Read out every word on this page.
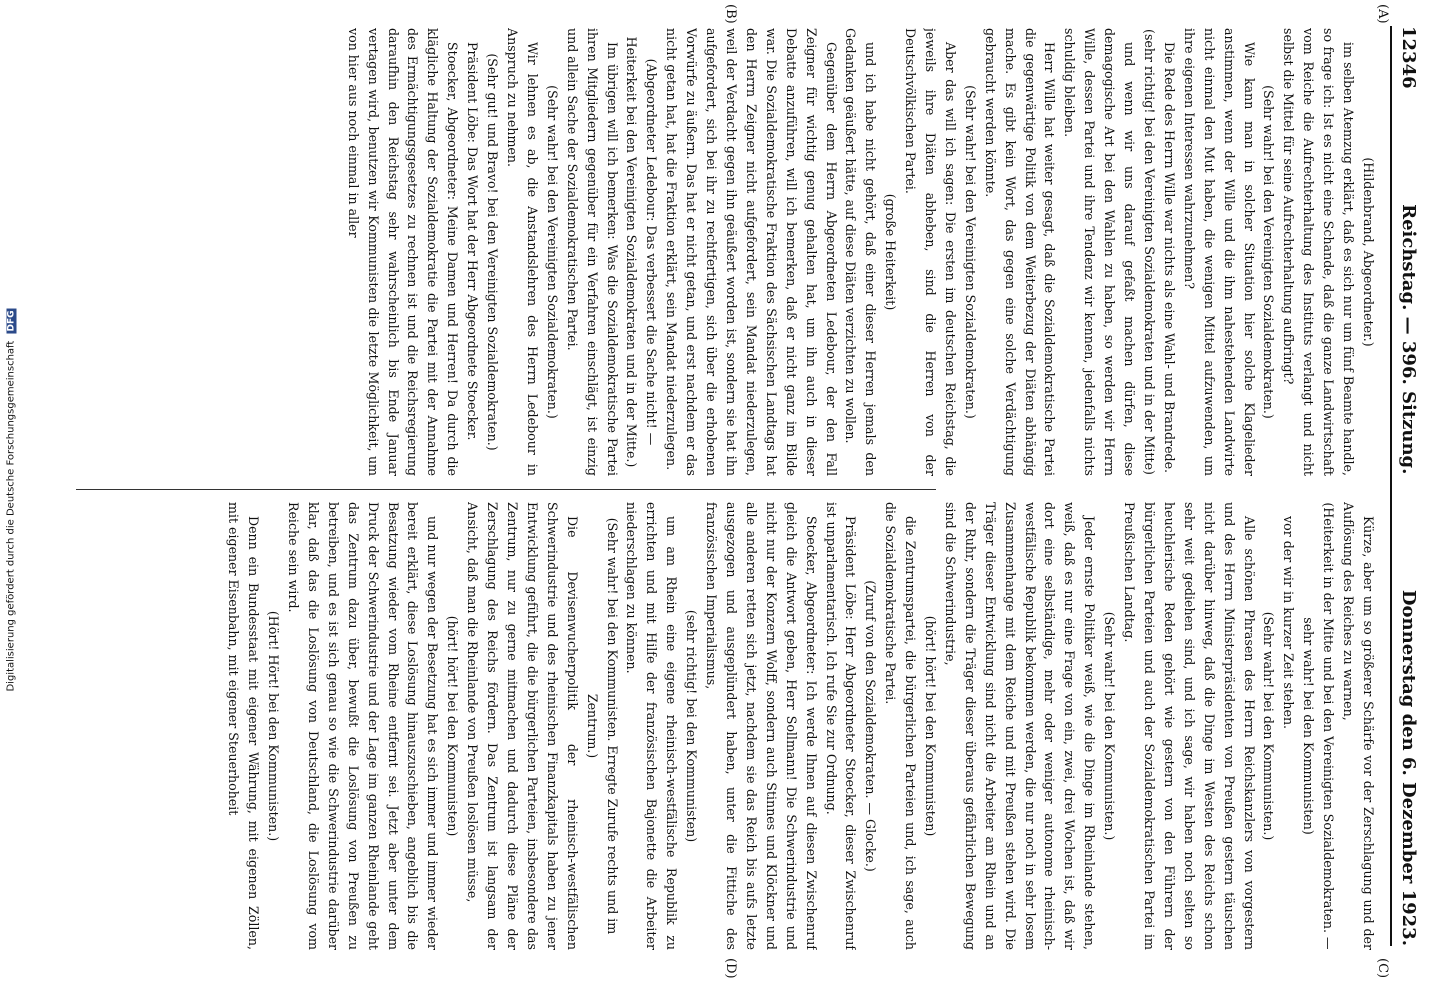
12346
Reichstag. — 396. Sitzung.
Donnerstag den 6. Dezember 1923.
(A)
(B)
(C)
(D)

(Hildenbrand, Abgeordneter.)

im selben Atemzug erklärt, daß es sich nur um fünf Beamte handle, so frage ich: Ist es nicht eine Schande, daß die ganze Landwirtschaft vom Reiche die Aufrechterhaltung des Instituts verlangt und nicht selbst die Mittel für seine Aufrechterhaltung aufbringt?

(Sehr wahr! bei den Vereinigten Sozialdemokraten.)

Wie kann man in solcher Situation hier solche Klagelieder anstimmen, wenn der Wille und die ihm nahestehenden Landwirte nicht einmal den Mut haben, die wenigen Mittel aufzuwenden, um ihre eigenen Interessen wahrzunehmen?

Die Rede des Herrn Wille war nichts als eine Wahl- und Brandrede.

(sehr richtig! bei den Vereinigten Sozialdemokraten und in der Mitte)

und wenn wir uns darauf gefaßt machen dürfen, diese demagogische Art bei den Wahlen zu haben, so werden wir Herrn Wille, dessen Partei und ihre Tendenz wir kennen, jedenfalls nichts schuldig bleiben.

Herr Wille hat weiter gesagt, daß die Sozialdemokratische Partei die gegenwärtige Politik von dem Weiterbezug der Diäten abhängig mache. Es gibt kein Wort, das gegen eine solche Verdächtigung gebraucht werden könnte.

(Sehr wahr! bei den Vereinigten Sozialdemokraten.)

Aber das will ich sagen: Die ersten im deutschen Reichstag, die jeweils ihre Diäten abheben, sind die Herren von der Deutschvölkischen Partei.

(große Heiterkeit)

und ich habe nicht gehört, daß einer dieser Herren jemals den Gedanken geäußert hätte, auf diese Diäten verzichten zu wollen.

Gegenüber dem Herrn Abgeordneten Ledebour, der den Fall Zeigner für wichtig genug gehalten hat, um ihn auch in dieser Debatte anzuführen, will ich bemerken, daß er nicht ganz im Bilde war. Die Sozialdemokratische Fraktion des Sächsischen Landtags hat den Herrn Zeigner nicht aufgefordert, sein Mandat niederzulegen, weil der Verdacht gegen ihn geäußert worden ist, sondern sie hat ihn aufgefordert, sich bei ihr zu rechtfertigen, sich über die erhobenen Vorwürfe zu äußern. Das hat er nicht getan, und erst nachdem er das nicht getan hat, hat die Fraktion erklärt, sein Mandat niederzulegen.

(Abgeordneter Ledebour: Das verbessert die Sache nicht! — Heiterkeit bei den Vereinigten Sozialdemokraten und in der Mitte.)

Im übrigen will ich bemerken: Was die Sozialdemokratische Partei ihren Mitgliedern gegenüber für ein Verfahren einschlägt, ist einzig und allein Sache der Sozialdemokratischen Partei.

(Sehr wahr! bei den Vereinigten Sozialdemokraten.)

Wir lehnen es ab, die Anstandslehren des Herrn Ledebour in Anspruch zu nehmen.

(Sehr gut! und Bravo! bei den Vereinigten Sozialdemokraten.)

Präsident Löbe: Das Wort hat der Herr Abgeordnete Stoecker.

Stoecker, Abgeordneter: Meine Damen und Herren! Da durch die klägliche Haltung der Sozialdemokratie die Partei mit der Annahme des Ermächtigungsgesetzes zu rechnen ist und die Reichsregierung daraufhin den Reichstag sehr wahrscheinlich bis Ende Januar vertagen wird, benutzen wir Kommunisten die letzte Möglichkeit, um von hier aus noch einmal in aller

Kürze, aber um so größerer Schärfe vor der Zerschlagung und der Auflösung des Reiches zu warnen,

(Heiterkeit in der Mitte und bei den Vereinigten Sozialdemokraten. — sehr wahr! bei den Kommunisten)

vor der wir in kurzer Zeit stehen.

(Sehr wahr! bei den Kommunisten.)

Alle schönen Phrasen des Herrn Reichskanzlers von vorgestern und des Herrn Ministerpräsidenten von Preußen gestern täuschen nicht darüber hinweg, daß die Dinge im Westen des Reichs schon sehr weit gediehen sind, und ich sage, wir haben noch selten so heuchlerische Reden gehört wie gestern von den Führern der bürgerlichen Parteien und auch der Sozialdemokratischen Partei im Preußischen Landtag.

(Sehr wahr! bei den Kommunisten.)

Jeder ernste Politiker weiß, wie die Dinge im Rheinlande stehen, weiß, daß es nur eine Frage von ein, zwei, drei Wochen ist, daß wir dort eine selbständige, mehr oder weniger autonome rheinisch-westfälische Republik bekommen werden, die nur noch in sehr losem Zusammenhange mit dem Reiche und mit Preußen stehen wird. Die Träger dieser Entwicklung sind nicht die Arbeiter am Rhein und an der Ruhr, sondern die Träger dieser überaus gefährlichen Bewegung sind die Schwerindustrie,

(hört! hört! bei den Kommunisten)

die Zentrumspartei, die bürgerlichen Parteien und, ich sage, auch die Sozialdemokratische Partei.

(Zuruf von den Sozialdemokraten. — Glocke.)

Präsident Löbe: Herr Abgeordneter Stoecker, dieser Zwischenruf ist unparlamentarisch. Ich rufe Sie zur Ordnung.

Stoecker, Abgeordneter: Ich werde Ihnen auf diesen Zwischenruf gleich die Antwort geben, Herr Sollmann! Die Schwerindustrie und nicht nur der Konzern Wolff, sondern auch Stinnes und Klöckner und alle anderen retten sich jetzt, nachdem sie das Reich bis aufs letzte ausgezogen und ausgeplündert haben, unter die Fittiche des französischen Imperialismus,

(sehr richtig! bei den Kommunisten)

um am Rhein eine eigene rheinisch-westfälische Republik zu errichten und mit Hilfe der französischen Bajonette die Arbeiter niederschlagen zu können.

(Sehr wahr! bei den Kommunisten. Erregte Zurufe rechts und im Zentrum.)

Die Devisenwucherpolitik der rheinisch-westfälischen Schwerindustrie und des rheinischen Finanzkapitals haben zu jener Entwicklung geführt, die die bürgerlichen Parteien, insbesondere das Zentrum, nur zu gerne mitmachen und dadurch diese Pläne der Zerschlagung des Reichs fördern. Das Zentrum ist langsam der Ansicht, daß man die Rheinlande von Preußen loslösen müsse,

(hört! hört! bei den Kommunisten)

und nur wegen der Besetzung hat es sich immer und immer wieder bereit erklärt, diese Loslösung hinauszuschieben, angeblich bis die Besatzung wieder vom Rheine entfernt sei. Jetzt aber unter dem Druck der Schwerindustrie und der Lage im ganzen Rheinlande geht das Zentrum dazu über, bewußt die Loslösung von Preußen zu betreiben, und es ist sich genau so wie die Schwerindustrie darüber klar, daß das die Loslösung von Deutschland, die Loslösung vom Reiche sein wird.

(Hört! Hört! bei den Kommunisten.)

Denn ein Bundesstaat mit eigener Währung, mit eigenen Zöllen, mit eigener Eisenbahn, mit eigener Steuerhoheit

Digitalisierung gefördert durch die Deutsche Forschungsgemeinschaft DFG
